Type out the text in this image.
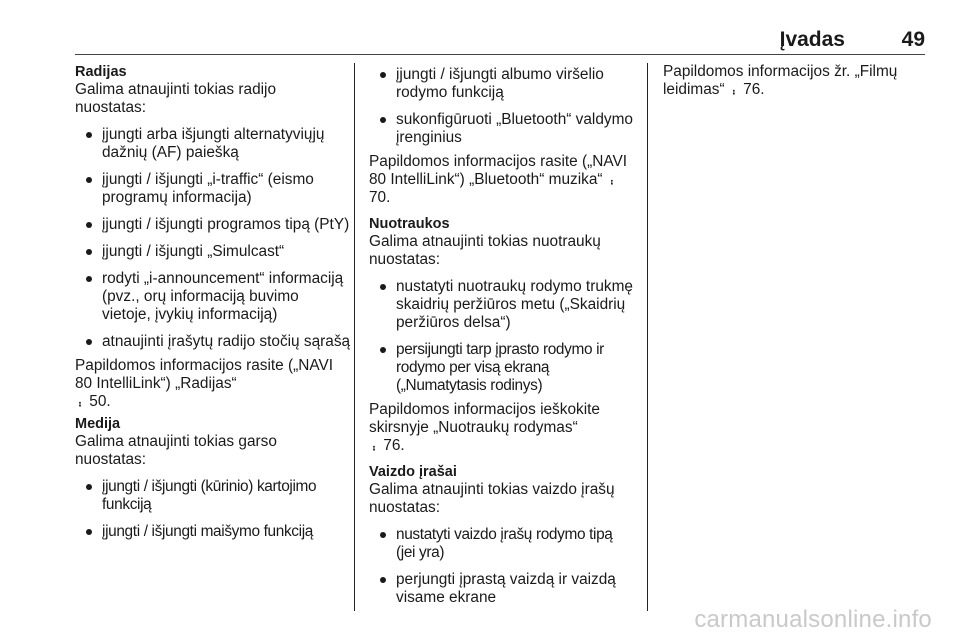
Įvadas	49
Radijas

Galima atnaujinti tokias radijo nuostatas:

įjungti arba išjungti alternatyviųjų dažnių (AF) paiešką
įjungti / išjungti „i-traffic“ (eismo programų informacija)
įjungti / išjungti programos tipą (PtY)
įjungti / išjungti „Simulcast“
rodyti „i-announcement“ informaciją (pvz., orų informaciją buvimo vietoje, įvykių informaciją)
atnaujinti įrašytų radijo stočių sąrašą

Papildomos informacijos rasite („NAVI 80 IntelliLink“) „Radijas“
⨾ 50.

Medija

Galima atnaujinti tokias garso nuostatas:

įjungti / išjungti (kūrinio) kartojimo funkciją
įjungti / išjungti maišymo funkciją
įjungti / išjungti albumo viršelio rodymo funkciją
sukonfigūruoti „Bluetooth“ valdymo įrenginius

Papildomos informacijos rasite („NAVI 80 IntelliLink“) „Bluetooth“ muzika“ ⨾ 70.

Nuotraukos

Galima atnaujinti tokias nuotraukų nuostatas:

nustatyti nuotraukų rodymo trukmę skaidrių peržiūros metu („Skaidrių peržiūros delsa“)
persijungti tarp įprasto rodymo ir rodymo per visą ekraną („Numatytasis rodinys)

Papildomos informacijos ieškokite skirsnyje „Nuotraukų rodymas“
⨾ 76.

Vaizdo įrašai

Galima atnaujinti tokias vaizdo įrašų nuostatas:

nustatyti vaizdo įrašų rodymo tipą (jei yra)
perjungti įprastą vaizdą ir vaizdą visame ekrane

Papildomos informacijos žr. „Filmų leidimas“ ⨾ 76.

carmanualsonline.info
